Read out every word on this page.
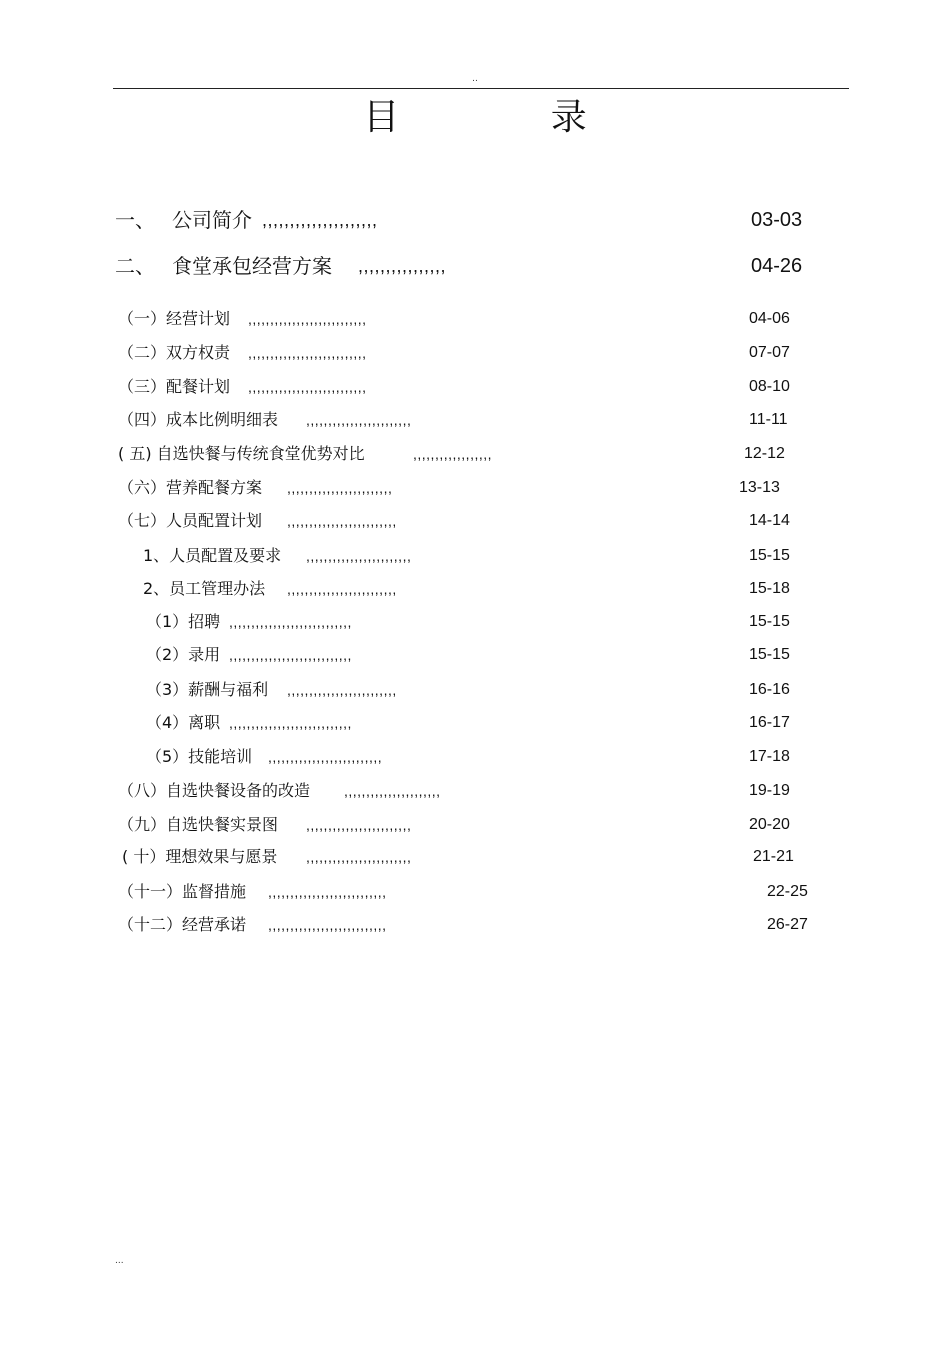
..
目 录
一、 公司简介 ,,,,,,,,,,,,,,,,,,,,,	03-03
二、 食堂承包经营方案 ,,,,,,,,,,,,,,,,	04-26
（一）经营计划 ,,,,,,,,,,,,,,,,,,,,,,,,,,,	04-06
（二）双方权责 ,,,,,,,,,,,,,,,,,,,,,,,,,,,	07-07
（三）配餐计划 ,,,,,,,,,,,,,,,,,,,,,,,,,,,	08-10
（四）成本比例明细表 ,,,,,,,,,,,,,,,,,,,,,,,,	11-11
( 五) 自选快餐与传统食堂优势对比	,,,,,,,,,,,,,,,,,,	12-12
（六）营养配餐方案 ,,,,,,,,,,,,,,,,,,,,,,,,	13-13
（七）人员配置计划 ,,,,,,,,,,,,,,,,,,,,,,,,,	14-14
1、人员配置及要求 ,,,,,,,,,,,,,,,,,,,,,,,,	15-15
2、员工管理办法 ,,,,,,,,,,,,,,,,,,,,,,,,,	15-18
（1）招聘 ,,,,,,,,,,,,,,,,,,,,,,,,,,,,	15-15
（2）录用 ,,,,,,,,,,,,,,,,,,,,,,,,,,,,	15-15
（3）薪酬与福利 ,,,,,,,,,,,,,,,,,,,,,,,,,	16-16
（4）离职 ,,,,,,,,,,,,,,,,,,,,,,,,,,,,	16-17
（5）技能培训 ,,,,,,,,,,,,,,,,,,,,,,,,,,	17-18
（八）自选快餐设备的改造 ,,,,,,,,,,,,,,,,,,,,,,	19-19
（九）自选快餐实景图 ,,,,,,,,,,,,,,,,,,,,,,,,	20-20
( 十）理想效果与愿景 ,,,,,,,,,,,,,,,,,,,,,,,,	21-21
（十一）监督措施 ,,,,,,,,,,,,,,,,,,,,,,,,,,,	22-25
（十二）经营承诺 ,,,,,,,,,,,,,,,,,,,,,,,,,,,	26-27
...
